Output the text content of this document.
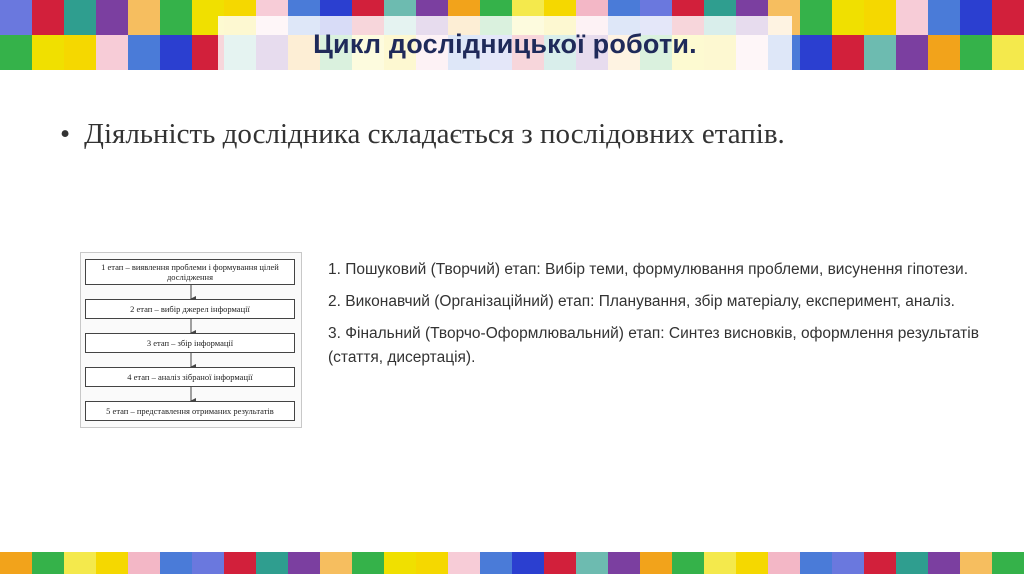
Цикл дослідницької роботи.
• Діяльність дослідника складається з послідовних етапів.
1 етап – виявлення проблеми і формування цілей дослідження
2 етап – вибір джерел інформації
3 етап – збір інформації
4 етап – аналіз зібраної інформації
5 етап – представлення отриманих результатів

1. Пошуковий (Творчий) етап: Вибір теми, формулювання проблеми, висунення гіпотези.

2. Виконавчий (Організаційний) етап: Планування, збір матеріалу, експеримент, аналіз.

3. Фінальний (Творчо-Оформлювальний) етап: Синтез висновків, оформлення результатів (стаття, дисертація).
